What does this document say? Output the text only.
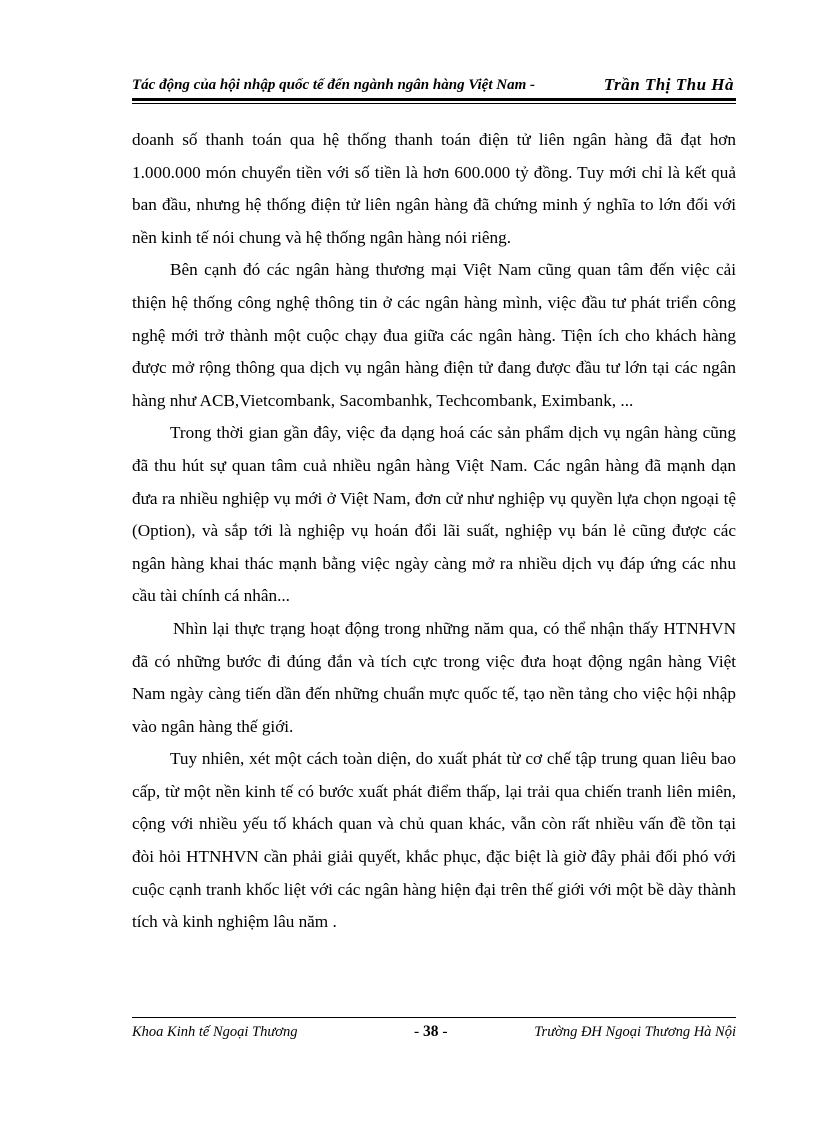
Tác động của hội nhập quốc tế đến ngành ngân hàng Việt Nam -	Trần Thị Thu Hà

doanh số thanh toán qua hệ thống thanh toán điện tử liên ngân hàng đã đạt hơn 1.000.000 món chuyển tiền với số tiền là hơn 600.000 tỷ đồng. Tuy mới chỉ là kết quả ban đầu, nhưng hệ thống điện tử liên ngân hàng đã chứng minh ý nghĩa to lớn đối với nền kinh tế nói chung và hệ thống ngân hàng nói riêng.

Bên cạnh đó các ngân hàng thương mại Việt Nam cũng quan tâm đến việc cải thiện hệ thống công nghệ thông tin ở các ngân hàng mình, việc đầu tư phát triển công nghệ mới trở thành một cuộc chạy đua giữa các ngân hàng. Tiện ích cho khách hàng được mở rộng thông qua dịch vụ ngân hàng điện tử đang được đầu tư lớn tại các ngân hàng như ACB,Vietcombank, Sacombanhk, Techcombank, Eximbank, ...

Trong thời gian gần đây, việc đa dạng hoá các sản phẩm dịch vụ ngân hàng cũng đã thu hút sự quan tâm cuả nhiều ngân hàng Việt Nam. Các ngân hàng đã mạnh dạn đưa ra nhiều nghiệp vụ mới ở Việt Nam, đơn cử như nghiệp vụ quyền lựa chọn ngoại tệ (Option), và sắp tới là nghiệp vụ hoán đổi lãi suất, nghiệp vụ bán lẻ cũng được các ngân hàng khai thác mạnh bằng việc ngày càng mở ra nhiều dịch vụ đáp ứng các nhu cầu tài chính cá nhân...

Nhìn lại thực trạng hoạt động trong những năm qua, có thể nhận thấy HTNHVN đã có những bước đi đúng đắn và tích cực trong việc đưa hoạt động ngân hàng Việt Nam ngày càng tiến dần đến những chuẩn mực quốc tế, tạo nền tảng cho việc hội nhập vào ngân hàng thế giới.

Tuy nhiên, xét một cách toàn diện, do xuất phát từ cơ chế tập trung quan liêu bao cấp, từ một nền kinh tế có bước xuất phát điểm thấp, lại trải qua chiến tranh liên miên, cộng với nhiều yếu tố khách quan và chủ quan khác, vẫn còn rất nhiều vấn đề tồn tại đòi hỏi HTNHVN cần phải giải quyết, khắc phục, đặc biệt là giờ đây phải đối phó với cuộc cạnh tranh khốc liệt với các ngân hàng hiện đại trên thế giới với một bề dày thành tích và kinh nghiệm lâu năm .

Khoa Kinh tế Ngoại Thương	- 38 -	Trường ĐH Ngoại Thương Hà Nội
